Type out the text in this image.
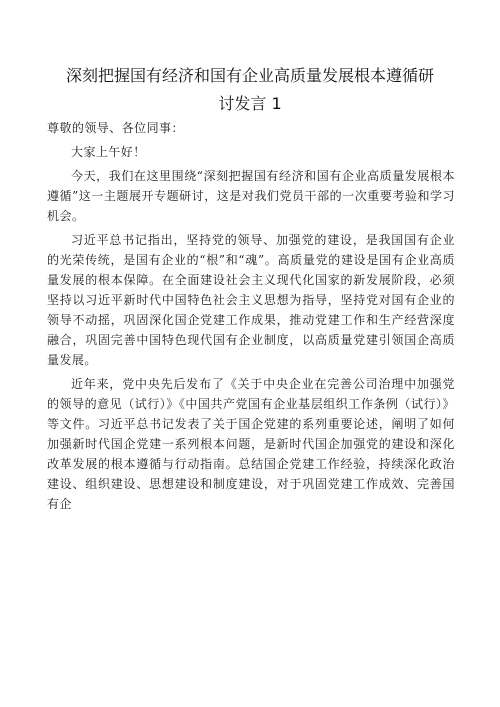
深刻把握国有经济和国有企业高质量发展根本遵循研
讨发言 1

尊敬的领导、各位同事：

大家上午好！

今天，我们在这里围绕“深刻把握国有经济和国有企业高质量发展根本遵循”这一主题展开专题研讨，这是对我们党员干部的一次重要考验和学习机会。

习近平总书记指出，坚持党的领导、加强党的建设，是我国国有企业的光荣传统，是国有企业的“根”和“魂”。高质量党的建设是国有企业高质量发展的根本保障。在全面建设社会主义现代化国家的新发展阶段，必须坚持以习近平新时代中国特色社会主义思想为指导，坚持党对国有企业的领导不动摇，巩固深化国企党建工作成果，推动党建工作和生产经营深度融合，巩固完善中国特色现代国有企业制度，以高质量党建引领国企高质量发展。

近年来，党中央先后发布了《关于中央企业在完善公司治理中加强党的领导的意见（试行）》《中国共产党国有企业基层组织工作条例（试行）》等文件。习近平总书记发表了关于国企党建的系列重要论述，阐明了如何加强新时代国企党建一系列根本问题，是新时代国企加强党的建设和深化改革发展的根本遵循与行动指南。总结国企党建工作经验，持续深化政治建设、组织建设、思想建设和制度建设，对于巩固党建工作成效、完善国有企
